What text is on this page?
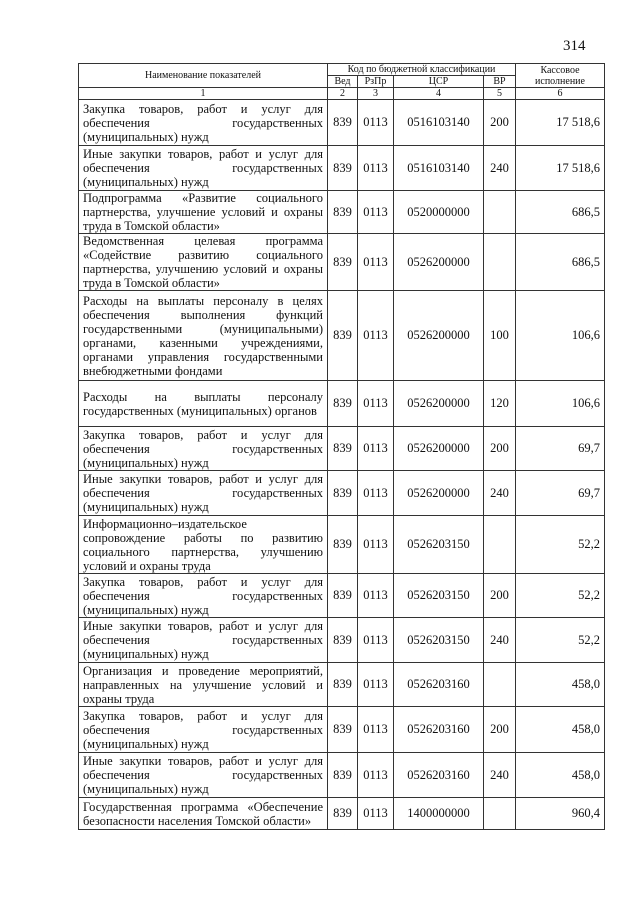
314
Наименование показателей	Код по бюджетной классификации				Кассовое исполнение
	Вед	РзПр	ЦСР	ВР	
1	2	3	4	5	6
Закупка товаров, работ и услуг для обеспечения государственных (муниципальных) нужд	839	0113	0516103140	200	17 518,6
Иные закупки товаров, работ и услуг для обеспечения государственных (муниципальных) нужд	839	0113	0516103140	240	17 518,6
Подпрограмма «Развитие социального партнерства, улучшение условий и охраны труда в Томской области»	839	0113	0520000000		686,5
Ведомственная целевая программа «Содействие развитию социального партнерства, улучшению условий и охраны труда в Томской области»	839	0113	0526200000		686,5
Расходы на выплаты персоналу в целях обеспечения выполнения функций государственными (муниципальными) органами, казенными учреждениями, органами управления государственными внебюджетными фондами	839	0113	0526200000	100	106,6
Расходы на выплаты персоналу государственных (муниципальных) органов	839	0113	0526200000	120	106,6
Закупка товаров, работ и услуг для обеспечения государственных (муниципальных) нужд	839	0113	0526200000	200	69,7
Иные закупки товаров, работ и услуг для обеспечения государственных (муниципальных) нужд	839	0113	0526200000	240	69,7
Информационно–издательское сопровождение работы по развитию социального партнерства, улучшению условий и охраны труда	839	0113	0526203150		52,2
Закупка товаров, работ и услуг для обеспечения государственных (муниципальных) нужд	839	0113	0526203150	200	52,2
Иные закупки товаров, работ и услуг для обеспечения государственных (муниципальных) нужд	839	0113	0526203150	240	52,2
Организация и проведение мероприятий, направленных на улучшение условий и охраны труда	839	0113	0526203160		458,0
Закупка товаров, работ и услуг для обеспечения государственных (муниципальных) нужд	839	0113	0526203160	200	458,0
Иные закупки товаров, работ и услуг для обеспечения государственных (муниципальных) нужд	839	0113	0526203160	240	458,0
Государственная программа «Обеспечение безопасности населения Томской области»	839	0113	1400000000		960,4
